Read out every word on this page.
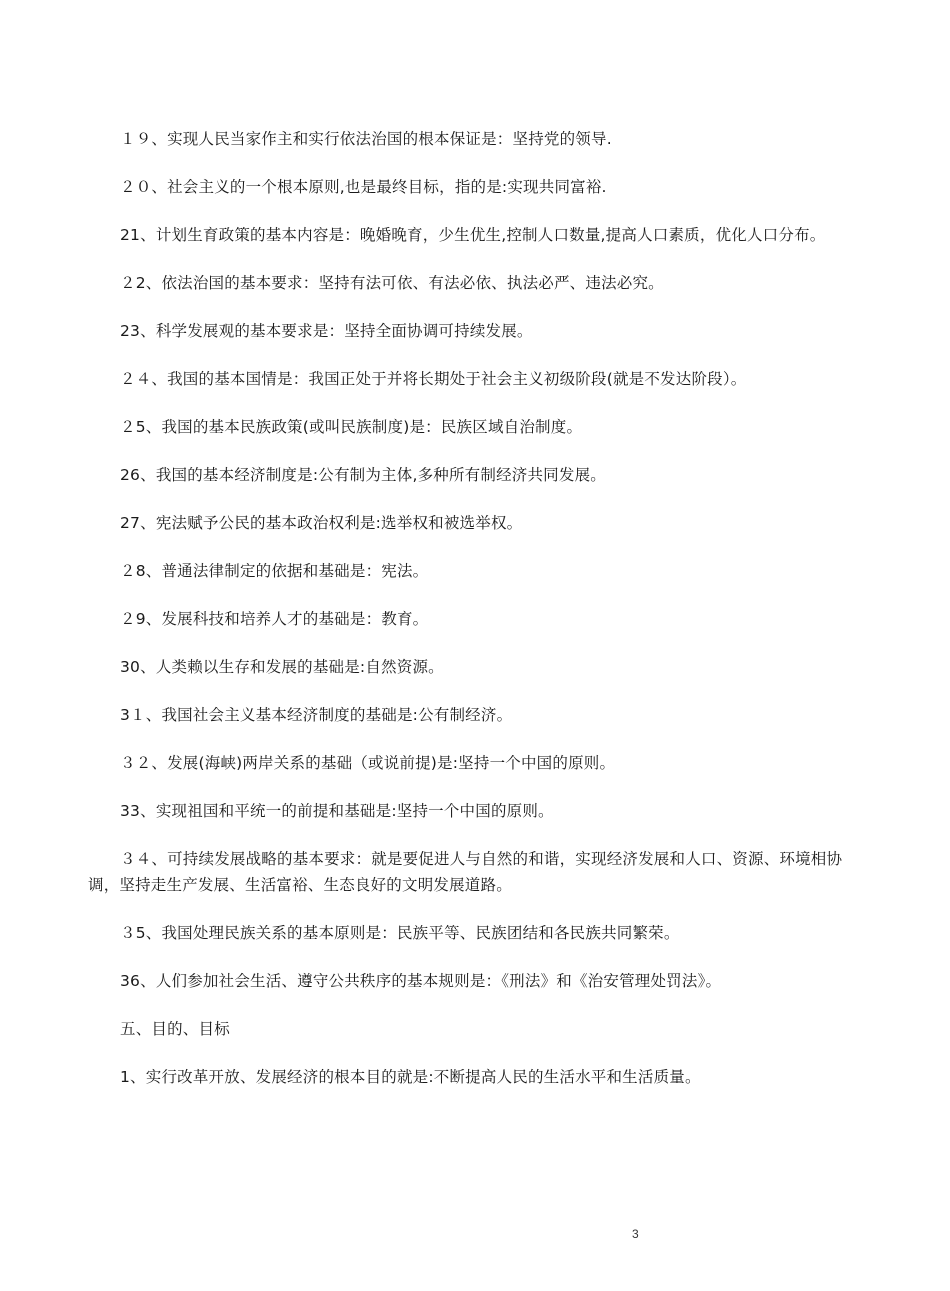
１９、实现人民当家作主和实行依法治国的根本保证是：坚持党的领导.

２０、社会主义的一个根本原则,也是最终目标，指的是:实现共同富裕.

21、计划生育政策的基本内容是：晚婚晚育，少生优生,控制人口数量,提高人口素质，优化人口分布。

２2、依法治国的基本要求：坚持有法可依、有法必依、执法必严、违法必究。

23、科学发展观的基本要求是：坚持全面协调可持续发展。

２４、我国的基本国情是：我国正处于并将长期处于社会主义初级阶段(就是不发达阶段）。

２5、我国的基本民族政策(或叫民族制度)是：民族区域自治制度。

26、我国的基本经济制度是:公有制为主体,多种所有制经济共同发展。

27、宪法赋予公民的基本政治权利是:选举权和被选举权。

２8、普通法律制定的依据和基础是：宪法。

２9、发展科技和培养人才的基础是：教育。

30、人类赖以生存和发展的基础是:自然资源。

3１、我国社会主义基本经济制度的基础是:公有制经济。

３２、发展(海峡)两岸关系的基础（或说前提)是:坚持一个中国的原则。

33、实现祖国和平统一的前提和基础是:坚持一个中国的原则。

３４、可持续发展战略的基本要求：就是要促进人与自然的和谐，实现经济发展和人口、资源、环境相协调，坚持走生产发展、生活富裕、生态良好的文明发展道路。

３5、我国处理民族关系的基本原则是：民族平等、民族团结和各民族共同繁荣。

36、人们参加社会生活、遵守公共秩序的基本规则是：《刑法》和《治安管理处罚法》。

五、目的、目标

1、实行改革开放、发展经济的根本目的就是:不断提高人民的生活水平和生活质量。

3
